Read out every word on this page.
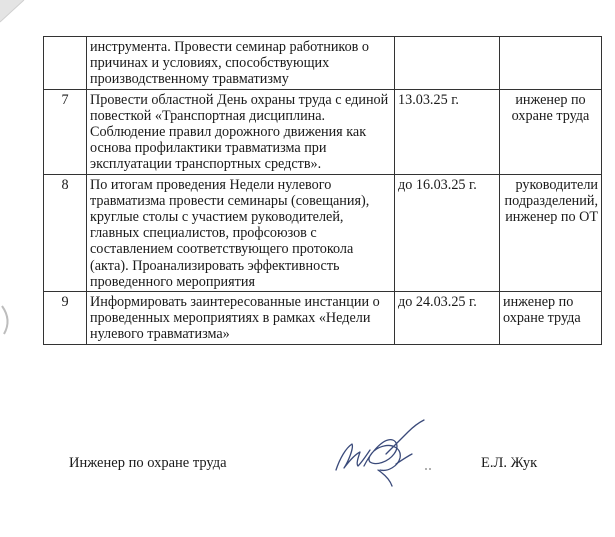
	инструмента. Провести семинар работников о причинах и условиях, способствующих производственному травматизму		
7	Провести областной День охраны труда с единой повесткой «Транспортная дисциплина. Соблюдение правил дорожного движения как основа профилактики травматизма при эксплуатации транспортных средств».	13.03.25 г.	инженер по охране труда
8	По итогам проведения Недели нулевого травматизма провести семинары (совещания), круглые столы с участием руководителей, главных специалистов, профсоюзов с составлением соответствующего протокола (акта). Проанализировать эффективность проведенного мероприятия	до 16.03.25 г.	руководители подразделений, инженер по ОТ
9	Информировать заинтересованные инстанции о проведенных мероприятиях в рамках «Недели нулевого травматизма»	до 24.03.25 г.	инженер по охране труда
Инженер по охране труда	Е.Л. Жук
